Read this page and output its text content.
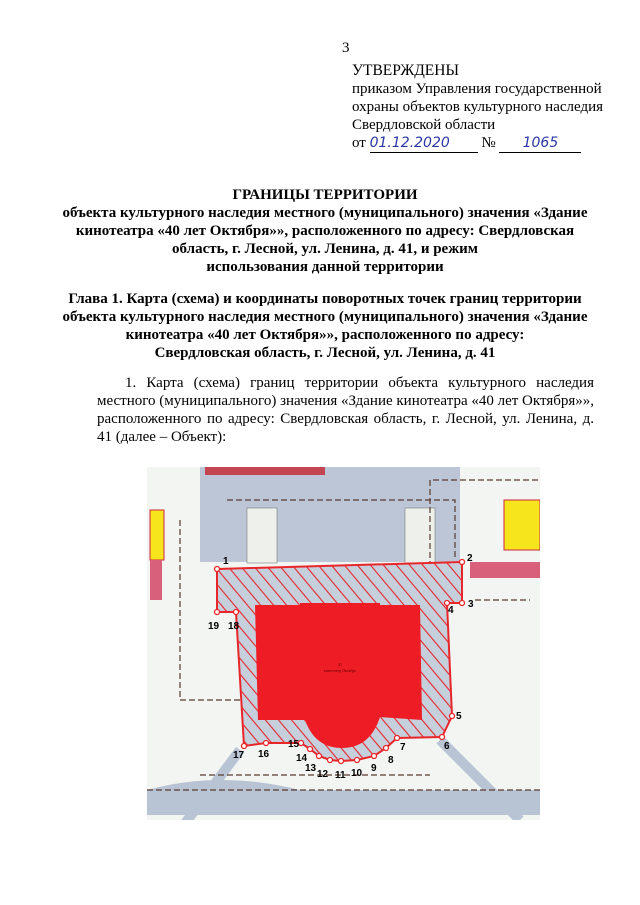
3
УТВЕРЖДЕНЫ
приказом Управления государственной
охраны объектов культурного наследия
Свердловской области
от 01.12.2020 № 1065
ГРАНИЦЫ ТЕРРИТОРИИ
объекта культурного наследия местного (муниципального) значения «Здание
кинотеатра «40 лет Октября»», расположенного по адресу: Свердловская
область, г. Лесной, ул. Ленина, д. 41, и режим
использования данной территории
Глава 1. Карта (схема) и координаты поворотных точек границ территории
объекта культурного наследия местного (муниципального) значения «Здание
кинотеатра «40 лет Октября»», расположенного по адресу:
Свердловская область, г. Лесной, ул. Ленина, д. 41

1. Карта (схема) границ территории объекта культурного наследия местного (муниципального) значения «Здание кинотеатра «40 лет Октября»», расположенного по адресу: Свердловская область, г. Лесной, ул. Ленина, д. 41 (далее – Объект):

41
кинотеатр Октябрь
1	2
3
4
5
6
7
8
9
10
11
12
13
14
15
16
17
18
19
